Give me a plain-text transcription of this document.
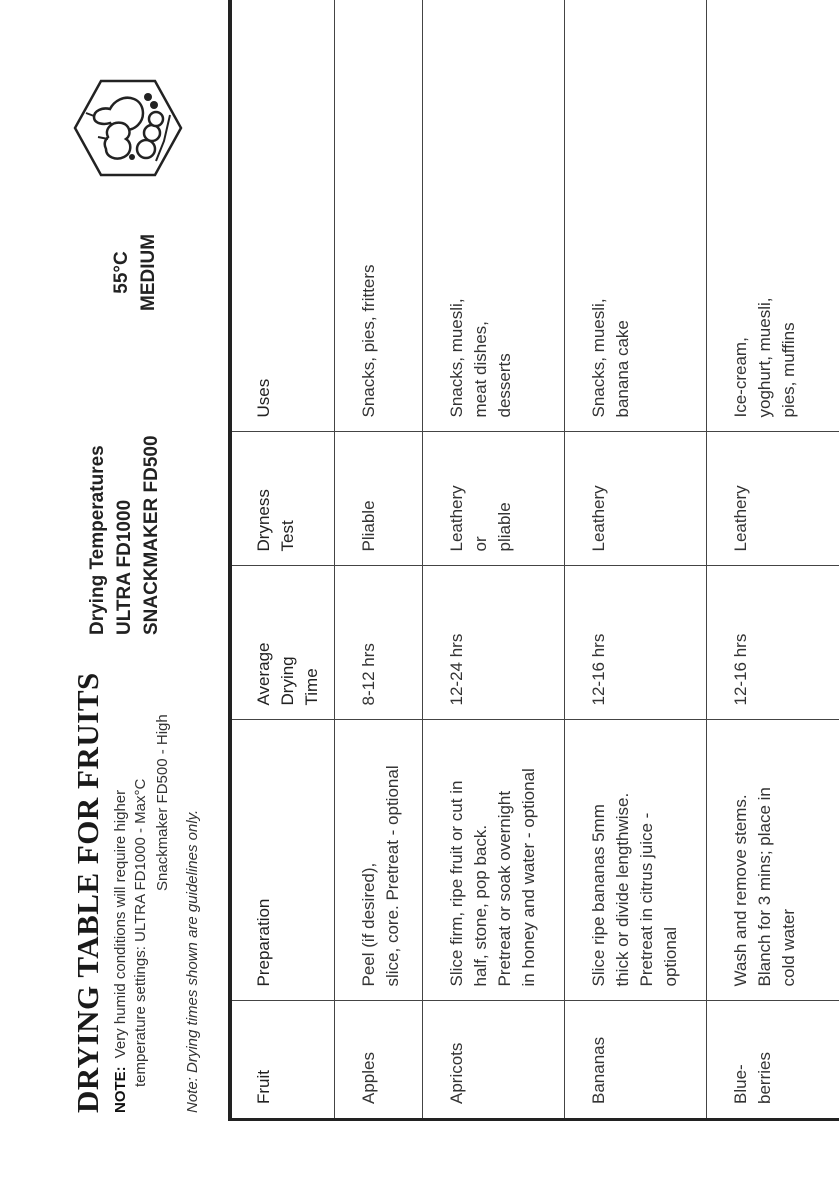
DRYING TABLE FOR FRUITS NOTE:Very humid conditions will require higher temperature settings: ULTRA FD1000 - Max°C Snackmaker FD500 - High
Note: Drying times shown are guidelines only.
Drying Temperatures ULTRA FD1000 SNACKMAKER FD500
55°C MEDIUM
Fruit	Preparation	Average Drying Time	Dryness Test	Uses

Apples	Peel (if desired), slice, core. Pretreat - optional	8-12 hrs	Pliable	Snacks, pies, fritters

Apricots	Slice firm, ripe fruit or cut in half, stone, pop back. Pretreat or soak overnight in honey and water - optional	12-24 hrs	Leathery or pliable	Snacks, muesli, meat dishes, desserts

Bananas	Slice ripe bananas 5mm thick or divide lengthwise. Pretreat in citrus juice - optional	12-16 hrs	Leathery	Snacks, muesli, banana cake

Blue- berries	Wash and remove stems. Blanch for 3 mins; place in cold water	12-16 hrs	Leathery	Ice-cream, yoghurt, muesli, pies, muffins
